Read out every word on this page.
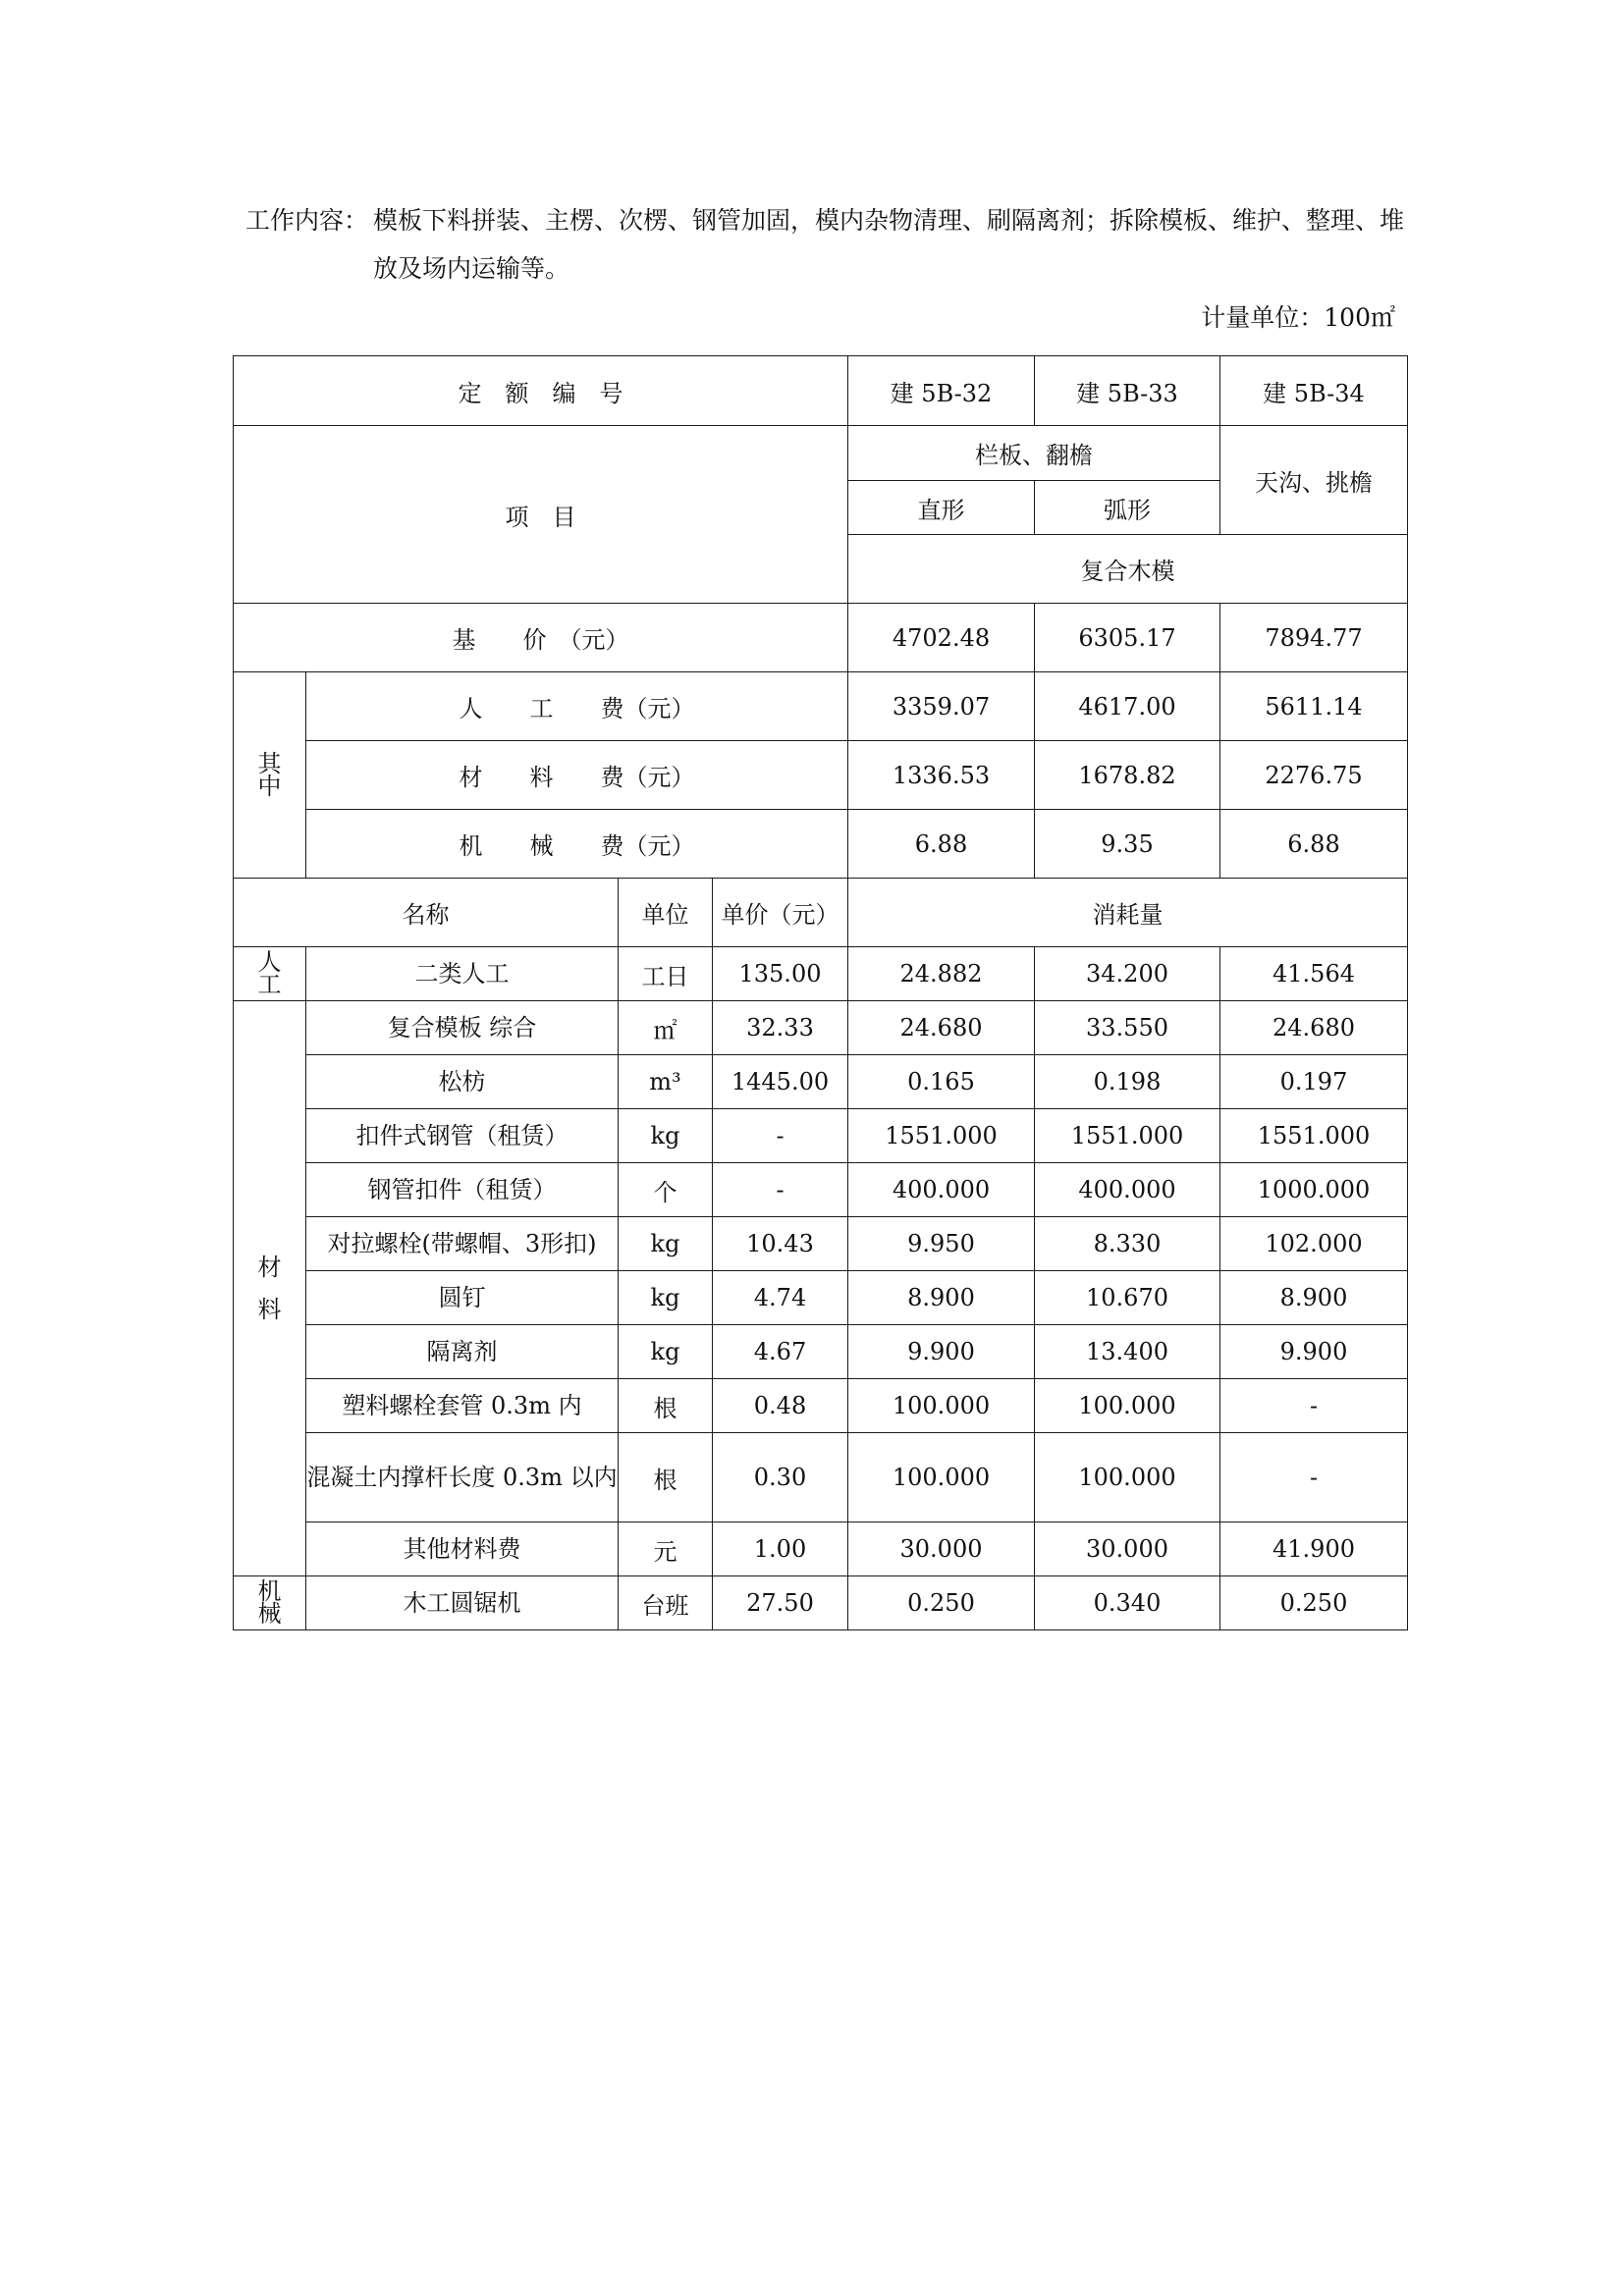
工作内容： 模板下料拼装、主楞、次楞、钢管加固，模内杂物清理、刷隔离剂；拆除模板、维护、整理、堆放及场内运输等。
计量单位：100㎡
定　额　编　号				建 5B-32	建 5B-33	建 5B-34
项　目				栏板、翻檐		天沟、挑檐
				直形	弧形	
				复合木模		
基　　价　（元）				4702.48	6305.17	7894.77

其
中	人　　工　　费（元）			3359.07	4617.00	5611.14
	材　　料　　费（元）			1336.53	1678.82	2276.75
	机　　械　　费（元）			6.88	9.35	6.88
名称		单位	单价（元）	消耗量		

人
工	二类人工	工日	135.00	24.882	34.200	41.564

材
料	复合模板 综合	㎡	32.33	24.680	33.550	24.680
	松枋	m³	1445.00	0.165	0.198	0.197
	扣件式钢管（租赁）	kg	-	1551.000	1551.000	1551.000
	钢管扣件（租赁）	个	-	400.000	400.000	1000.000
	对拉螺栓(带螺帽、3形扣)	kg	10.43	9.950	8.330	102.000
	圆钉	kg	4.74	8.900	10.670	8.900
	隔离剂	kg	4.67	9.900	13.400	9.900
	塑料螺栓套管 0.3m 内	根	0.48	100.000	100.000	-
	混凝土内撑杆长度 0.3m 以内	根	0.30	100.000	100.000	-
	其他材料费	元	1.00	30.000	30.000	41.900

机
械	木工圆锯机	台班	27.50	0.250	0.340	0.250
